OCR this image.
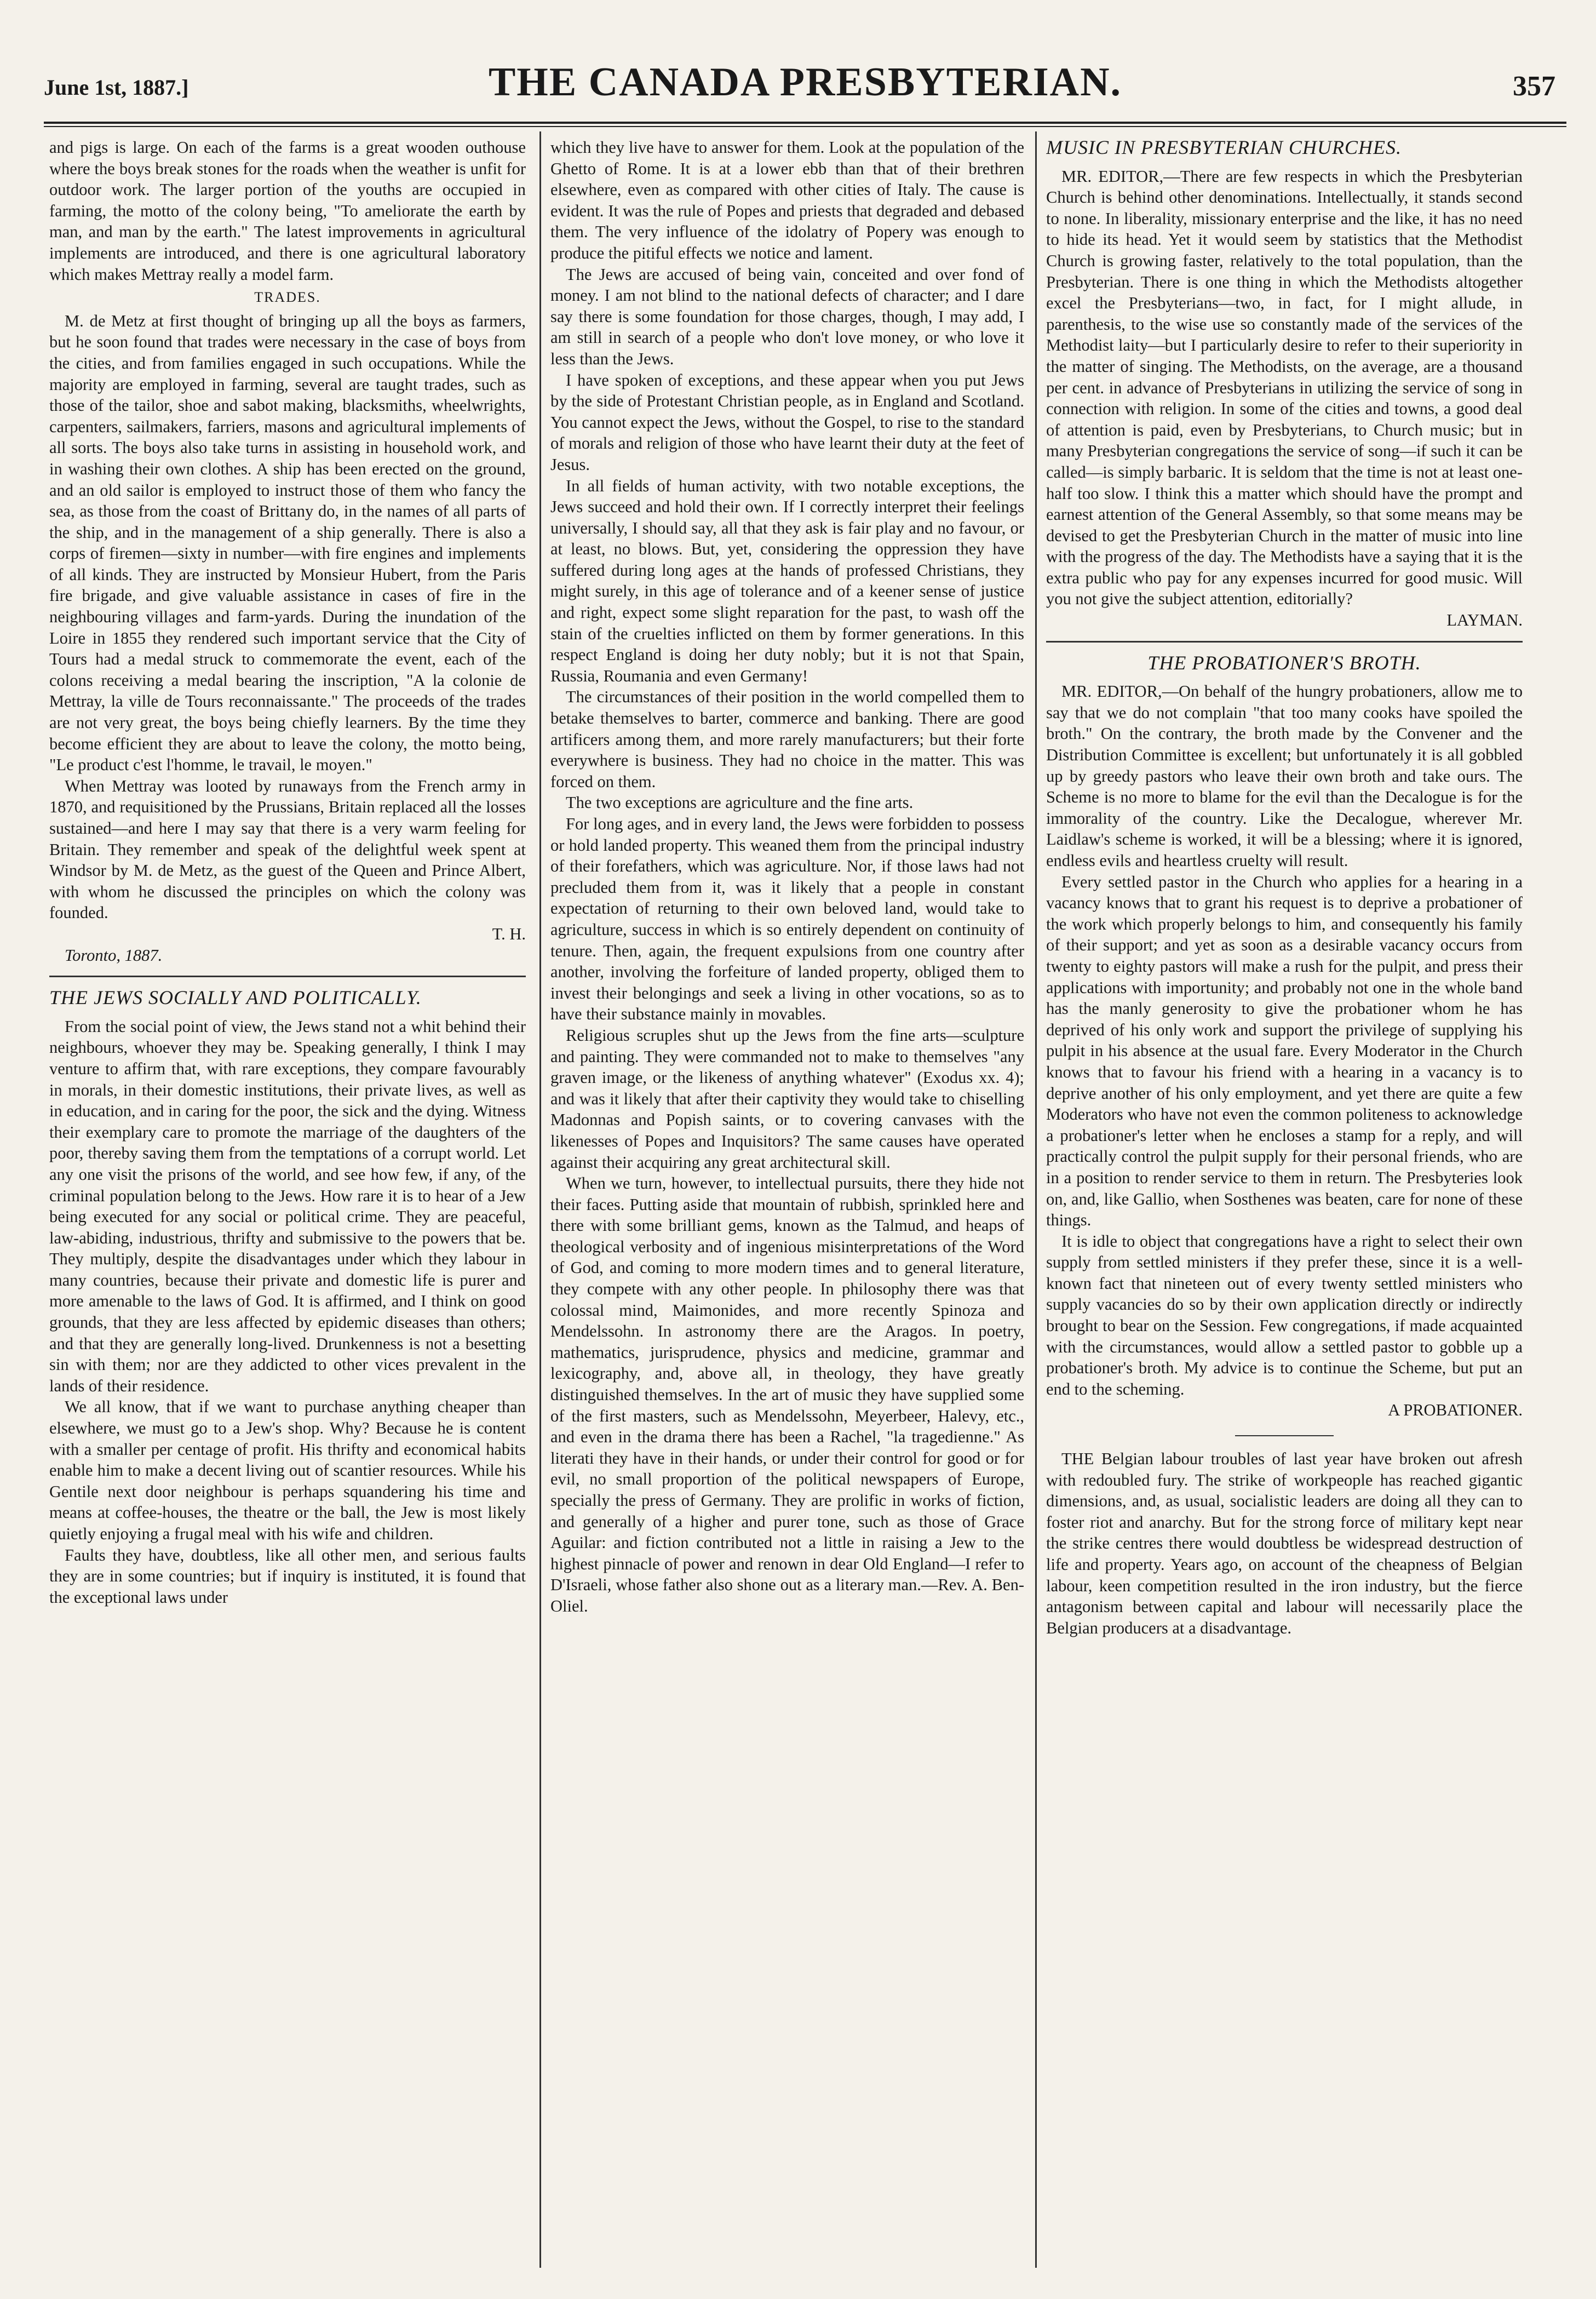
June 1st, 1887.]	THE CANADA PRESBYTERIAN.	357

and pigs is large. On each of the farms is a great wooden outhouse where the boys break stones for the roads when the weather is unfit for outdoor work. The larger portion of the youths are occupied in farming, the motto of the colony being, "To ameliorate the earth by man, and man by the earth." The latest improvements in agricultural implements are introduced, and there is one agricultural laboratory which makes Mettray really a model farm.

TRADES.

M. de Metz at first thought of bringing up all the boys as farmers, but he soon found that trades were necessary in the case of boys from the cities, and from families engaged in such occupations. While the majority are employed in farming, several are taught trades, such as those of the tailor, shoe and sabot making, blacksmiths, wheelwrights, carpenters, sailmakers, farriers, masons and agricultural implements of all sorts. The boys also take turns in assisting in household work, and in washing their own clothes. A ship has been erected on the ground, and an old sailor is employed to instruct those of them who fancy the sea, as those from the coast of Brittany do, in the names of all parts of the ship, and in the management of a ship generally. There is also a corps of firemen—sixty in number—with fire engines and implements of all kinds. They are instructed by Monsieur Hubert, from the Paris fire brigade, and give valuable assistance in cases of fire in the neighbouring villages and farm-yards. During the inundation of the Loire in 1855 they rendered such important service that the City of Tours had a medal struck to commemorate the event, each of the colons receiving a medal bearing the inscription, "A la colonie de Mettray, la ville de Tours reconnaissante." The proceeds of the trades are not very great, the boys being chiefly learners. By the time they become efficient they are about to leave the colony, the motto being, "Le product c'est l'homme, le travail, le moyen."

When Mettray was looted by runaways from the French army in 1870, and requisitioned by the Prussians, Britain replaced all the losses sustained—and here I may say that there is a very warm feeling for Britain. They remember and speak of the delightful week spent at Windsor by M. de Metz, as the guest of the Queen and Prince Albert, with whom he discussed the principles on which the colony was founded.

T. H.

Toronto, 1887.

THE JEWS SOCIALLY AND POLITICALLY.

From the social point of view, the Jews stand not a whit behind their neighbours, whoever they may be. Speaking generally, I think I may venture to affirm that, with rare exceptions, they compare favourably in morals, in their domestic institutions, their private lives, as well as in education, and in caring for the poor, the sick and the dying. Witness their exemplary care to promote the marriage of the daughters of the poor, thereby saving them from the temptations of a corrupt world. Let any one visit the prisons of the world, and see how few, if any, of the criminal population belong to the Jews. How rare it is to hear of a Jew being executed for any social or political crime. They are peaceful, law-abiding, industrious, thrifty and submissive to the powers that be. They multiply, despite the disadvantages under which they labour in many countries, because their private and domestic life is purer and more amenable to the laws of God. It is affirmed, and I think on good grounds, that they are less affected by epidemic diseases than others; and that they are generally long-lived. Drunkenness is not a besetting sin with them; nor are they addicted to other vices prevalent in the lands of their residence.

We all know, that if we want to purchase anything cheaper than elsewhere, we must go to a Jew's shop. Why? Because he is content with a smaller per centage of profit. His thrifty and economical habits enable him to make a decent living out of scantier resources. While his Gentile next door neighbour is perhaps squandering his time and means at coffee-houses, the theatre or the ball, the Jew is most likely quietly enjoying a frugal meal with his wife and children.

Faults they have, doubtless, like all other men, and serious faults they are in some countries; but if inquiry is instituted, it is found that the exceptional laws under

which they live have to answer for them. Look at the population of the Ghetto of Rome. It is at a lower ebb than that of their brethren elsewhere, even as compared with other cities of Italy. The cause is evident. It was the rule of Popes and priests that degraded and debased them. The very influence of the idolatry of Popery was enough to produce the pitiful effects we notice and lament.

The Jews are accused of being vain, conceited and over fond of money. I am not blind to the national defects of character; and I dare say there is some foundation for those charges, though, I may add, I am still in search of a people who don't love money, or who love it less than the Jews.

I have spoken of exceptions, and these appear when you put Jews by the side of Protestant Christian people, as in England and Scotland. You cannot expect the Jews, without the Gospel, to rise to the standard of morals and religion of those who have learnt their duty at the feet of Jesus.

In all fields of human activity, with two notable exceptions, the Jews succeed and hold their own. If I correctly interpret their feelings universally, I should say, all that they ask is fair play and no favour, or at least, no blows. But, yet, considering the oppression they have suffered during long ages at the hands of professed Christians, they might surely, in this age of tolerance and of a keener sense of justice and right, expect some slight reparation for the past, to wash off the stain of the cruelties inflicted on them by former generations. In this respect England is doing her duty nobly; but it is not that Spain, Russia, Roumania and even Germany!

The circumstances of their position in the world compelled them to betake themselves to barter, commerce and banking. There are good artificers among them, and more rarely manufacturers; but their forte everywhere is business. They had no choice in the matter. This was forced on them.

The two exceptions are agriculture and the fine arts.

For long ages, and in every land, the Jews were forbidden to possess or hold landed property. This weaned them from the principal industry of their forefathers, which was agriculture. Nor, if those laws had not precluded them from it, was it likely that a people in constant expectation of returning to their own beloved land, would take to agriculture, success in which is so entirely dependent on continuity of tenure. Then, again, the frequent expulsions from one country after another, involving the forfeiture of landed property, obliged them to invest their belongings and seek a living in other vocations, so as to have their substance mainly in movables.

Religious scruples shut up the Jews from the fine arts—sculpture and painting. They were commanded not to make to themselves "any graven image, or the likeness of anything whatever" (Exodus xx. 4); and was it likely that after their captivity they would take to chiselling Madonnas and Popish saints, or to covering canvases with the likenesses of Popes and Inquisitors? The same causes have operated against their acquiring any great architectural skill.

When we turn, however, to intellectual pursuits, there they hide not their faces. Putting aside that mountain of rubbish, sprinkled here and there with some brilliant gems, known as the Talmud, and heaps of theological verbosity and of ingenious misinterpretations of the Word of God, and coming to more modern times and to general literature, they compete with any other people. In philosophy there was that colossal mind, Maimonides, and more recently Spinoza and Mendelssohn. In astronomy there are the Aragos. In poetry, mathematics, jurisprudence, physics and medicine, grammar and lexicography, and, above all, in theology, they have greatly distinguished themselves. In the art of music they have supplied some of the first masters, such as Mendelssohn, Meyerbeer, Halevy, etc., and even in the drama there has been a Rachel, "la tragedienne." As literati they have in their hands, or under their control for good or for evil, no small proportion of the political newspapers of Europe, specially the press of Germany. They are prolific in works of fiction, and generally of a higher and purer tone, such as those of Grace Aguilar: and fiction contributed not a little in raising a Jew to the highest pinnacle of power and renown in dear Old England—I refer to D'Israeli, whose father also shone out as a literary man.—Rev. A. Ben-Oliel.

MUSIC IN PRESBYTERIAN CHURCHES.

MR. EDITOR,—There are few respects in which the Presbyterian Church is behind other denominations. Intellectually, it stands second to none. In liberality, missionary enterprise and the like, it has no need to hide its head. Yet it would seem by statistics that the Methodist Church is growing faster, relatively to the total population, than the Presbyterian. There is one thing in which the Methodists altogether excel the Presbyterians—two, in fact, for I might allude, in parenthesis, to the wise use so constantly made of the services of the Methodist laity—but I particularly desire to refer to their superiority in the matter of singing. The Methodists, on the average, are a thousand per cent. in advance of Presbyterians in utilizing the service of song in connection with religion. In some of the cities and towns, a good deal of attention is paid, even by Presbyterians, to Church music; but in many Presbyterian congregations the service of song—if such it can be called—is simply barbaric. It is seldom that the time is not at least one-half too slow. I think this a matter which should have the prompt and earnest attention of the General Assembly, so that some means may be devised to get the Presbyterian Church in the matter of music into line with the progress of the day. The Methodists have a saying that it is the extra public who pay for any expenses incurred for good music. Will you not give the subject attention, editorially?

LAYMAN.

THE PROBATIONER'S BROTH.

MR. EDITOR,—On behalf of the hungry probationers, allow me to say that we do not complain "that too many cooks have spoiled the broth." On the contrary, the broth made by the Convener and the Distribution Committee is excellent; but unfortunately it is all gobbled up by greedy pastors who leave their own broth and take ours. The Scheme is no more to blame for the evil than the Decalogue is for the immorality of the country. Like the Decalogue, wherever Mr. Laidlaw's scheme is worked, it will be a blessing; where it is ignored, endless evils and heartless cruelty will result.

Every settled pastor in the Church who applies for a hearing in a vacancy knows that to grant his request is to deprive a probationer of the work which properly belongs to him, and consequently his family of their support; and yet as soon as a desirable vacancy occurs from twenty to eighty pastors will make a rush for the pulpit, and press their applications with importunity; and probably not one in the whole band has the manly generosity to give the probationer whom he has deprived of his only work and support the privilege of supplying his pulpit in his absence at the usual fare. Every Moderator in the Church knows that to favour his friend with a hearing in a vacancy is to deprive another of his only employment, and yet there are quite a few Moderators who have not even the common politeness to acknowledge a probationer's letter when he encloses a stamp for a reply, and will practically control the pulpit supply for their personal friends, who are in a position to render service to them in return. The Presbyteries look on, and, like Gallio, when Sosthenes was beaten, care for none of these things.

It is idle to object that congregations have a right to select their own supply from settled ministers if they prefer these, since it is a well-known fact that nineteen out of every twenty settled ministers who supply vacancies do so by their own application directly or indirectly brought to bear on the Session. Few congregations, if made acquainted with the circumstances, would allow a settled pastor to gobble up a probationer's broth. My advice is to continue the Scheme, but put an end to the scheming.

A PROBATIONER.

THE Belgian labour troubles of last year have broken out afresh with redoubled fury. The strike of workpeople has reached gigantic dimensions, and, as usual, socialistic leaders are doing all they can to foster riot and anarchy. But for the strong force of military kept near the strike centres there would doubtless be widespread destruction of life and property. Years ago, on account of the cheapness of Belgian labour, keen competition resulted in the iron industry, but the fierce antagonism between capital and labour will necessarily place the Belgian producers at a disadvantage.
